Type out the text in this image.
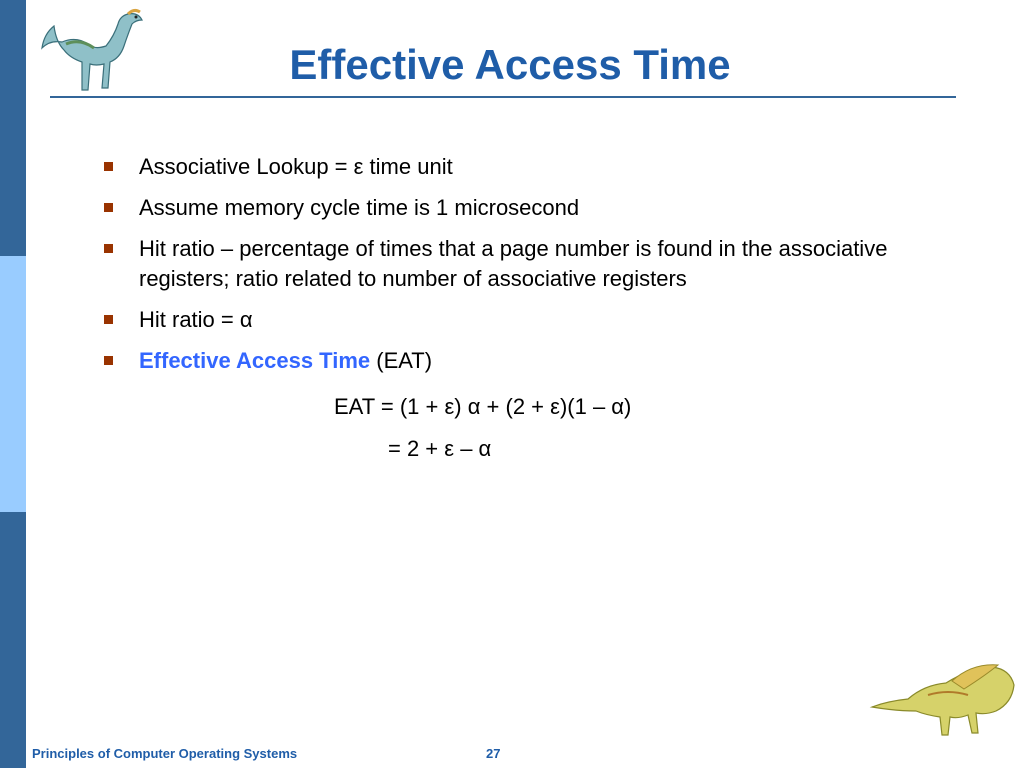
Effective Access Time
Associative Lookup = ε time unit
Assume memory cycle time is 1 microsecond
Hit ratio – percentage of times that a page number is found in the associative registers; ratio related to number of associative registers
Hit ratio = α
Effective Access Time (EAT)
EAT = (1 + ε) α + (2 + ε)(1 – α)
= 2 + ε – α
Principles of Computer Operating Systems	27
